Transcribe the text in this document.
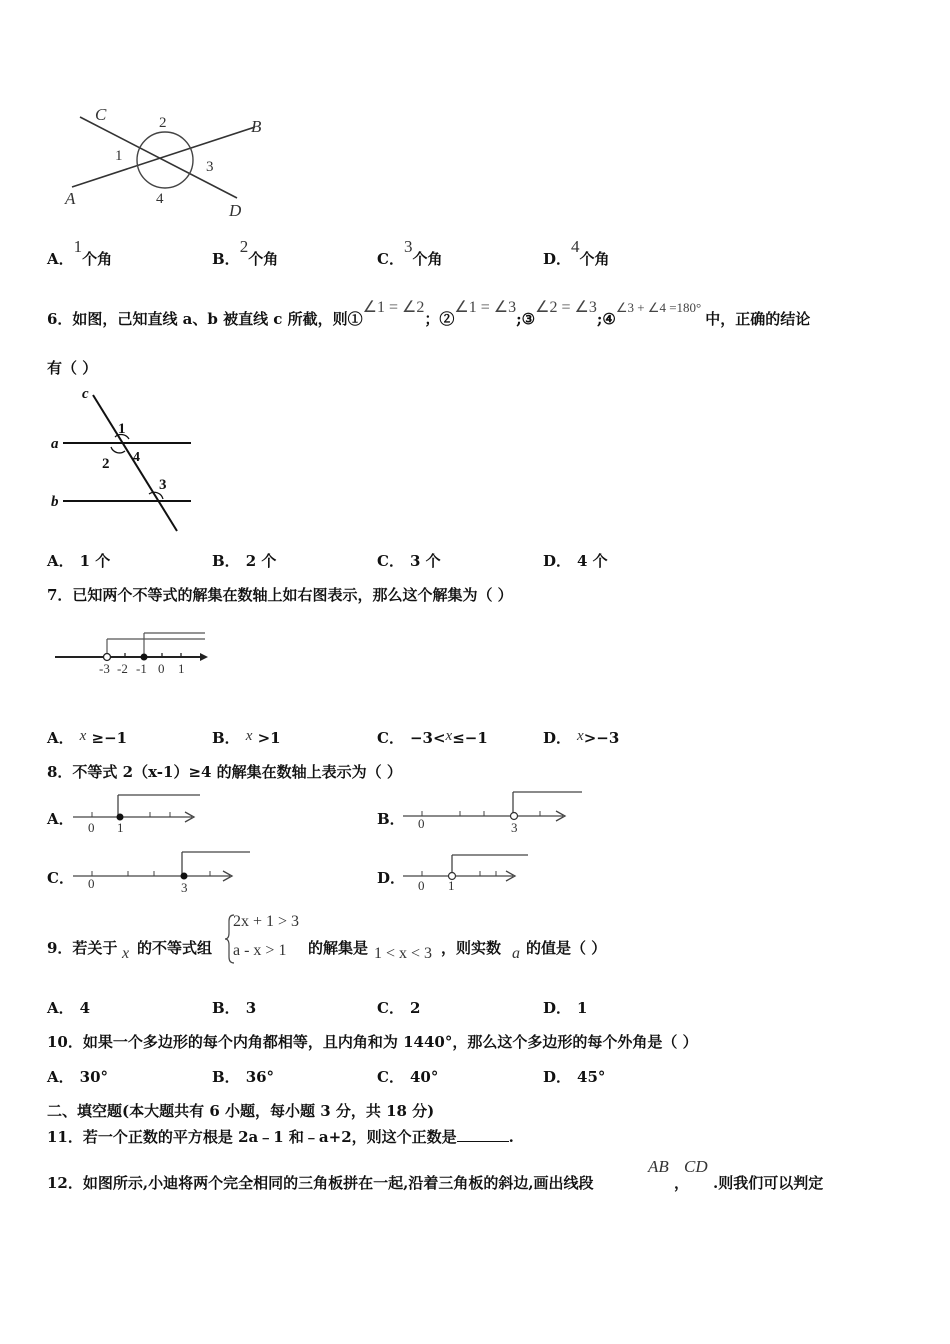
C
B
A
D
1
2
3
4
A．1个角	B．2个角	C．3个角	D．4个角
6．如图，己知直线 a、b 被直线 c 所截，则①∠1 = ∠2；②∠1 = ∠3;③∠2 = ∠3;④∠3 + ∠4 =180°中，正确的结论
有（ ）
c
a
b
1
2 4
3
A． 1 个	B． 2 个	C． 3 个	D． 4 个
7．已知两个不等式的解集在数轴上如右图表示，那么这个解集为（ ）
-3 -2 -1 0 1
A． x ≥−1	B． x >1	C． −3<x≤−1	D． x>−3
8．不等式 2（x-1）≥4 的解集在数轴上表示为（ ）
A． 0 1	B． 0	3
C． 0	3
D． 0 1
9．若关于 x 的不等式组
2x + 1 > 3
a - x > 1 的解集是 1 < x < 3 ，则实数 a 的值是（ ）
A． 4	B． 3	C． 2	D． 1
10．如果一个多边形的每个内角都相等，且内角和为 1440°，那么这个多边形的每个外角是（ ）
A． 30°	B． 36°	C． 40°	D． 45°
二、填空题(本大题共有 6 小题，每小题 3 分，共 18 分)
11．若一个正数的平方根是 2a﹣1 和﹣a+2，则这个正数是	.
12．如图所示,小迪将两个完全相同的三角板拼在一起,沿着三角板的斜边,画出线段
AB
，
CD
.则我们可以判定
